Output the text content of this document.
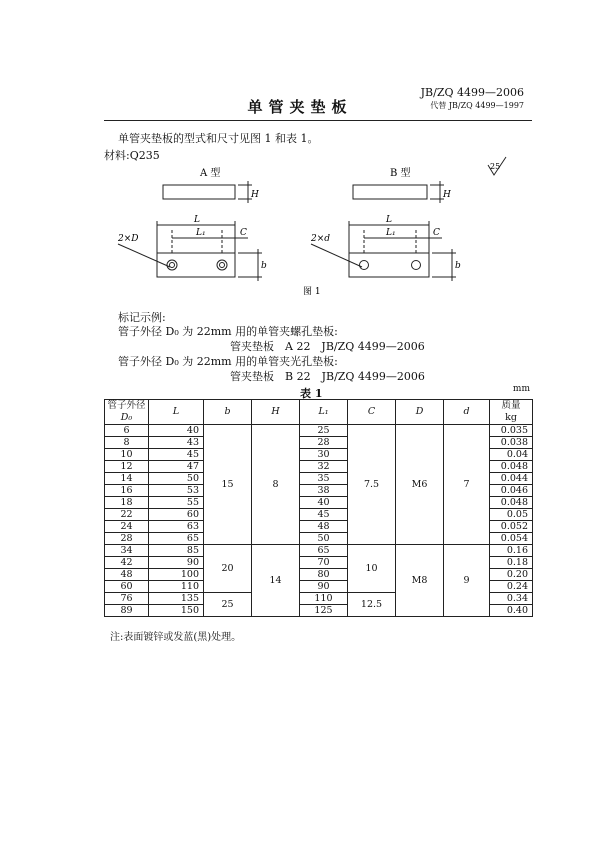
JB/ZQ 4499—2006
代替 JB/ZQ 4499—1997
单管夹垫板
单管夹垫板的型式和尺寸见图 1 和表 1。
材料:Q235
A 型	B 型
25
H	H
L
L₁	C
b
2×D
L
L₁	C
b
2×d
图 1
标记示例:
管子外径 D₀ 为 22mm 用的单管夹螺孔垫板:
管夹垫板　A 22　JB/ZQ 4499—2006
管子外径 D₀ 为 22mm 用的单管夹光孔垫板:
管夹垫板　B 22　JB/ZQ 4499—2006
表 1	mm
管子外径
D₀	L	b	H	L₁	C	D	d	质量
kg
6	40	15	8	25	7.5	M6	7	0.035
8	43			28				0.038
10	45			30				0.04
12	47			32				0.048
14	50			35				0.044
16	53			38				0.046
18	55			40				0.048
22	60			45				0.05
24	63			48				0.052
28	65			50				0.054
34	85	20	14	65	10	M8	9	0.16
42	90			70				0.18
48	100			80				0.20
60	110			90				0.24
76	135	25		110	12.5			0.34
89	150			125				0.40
注:表面镀锌或发蓝(黑)处理。
